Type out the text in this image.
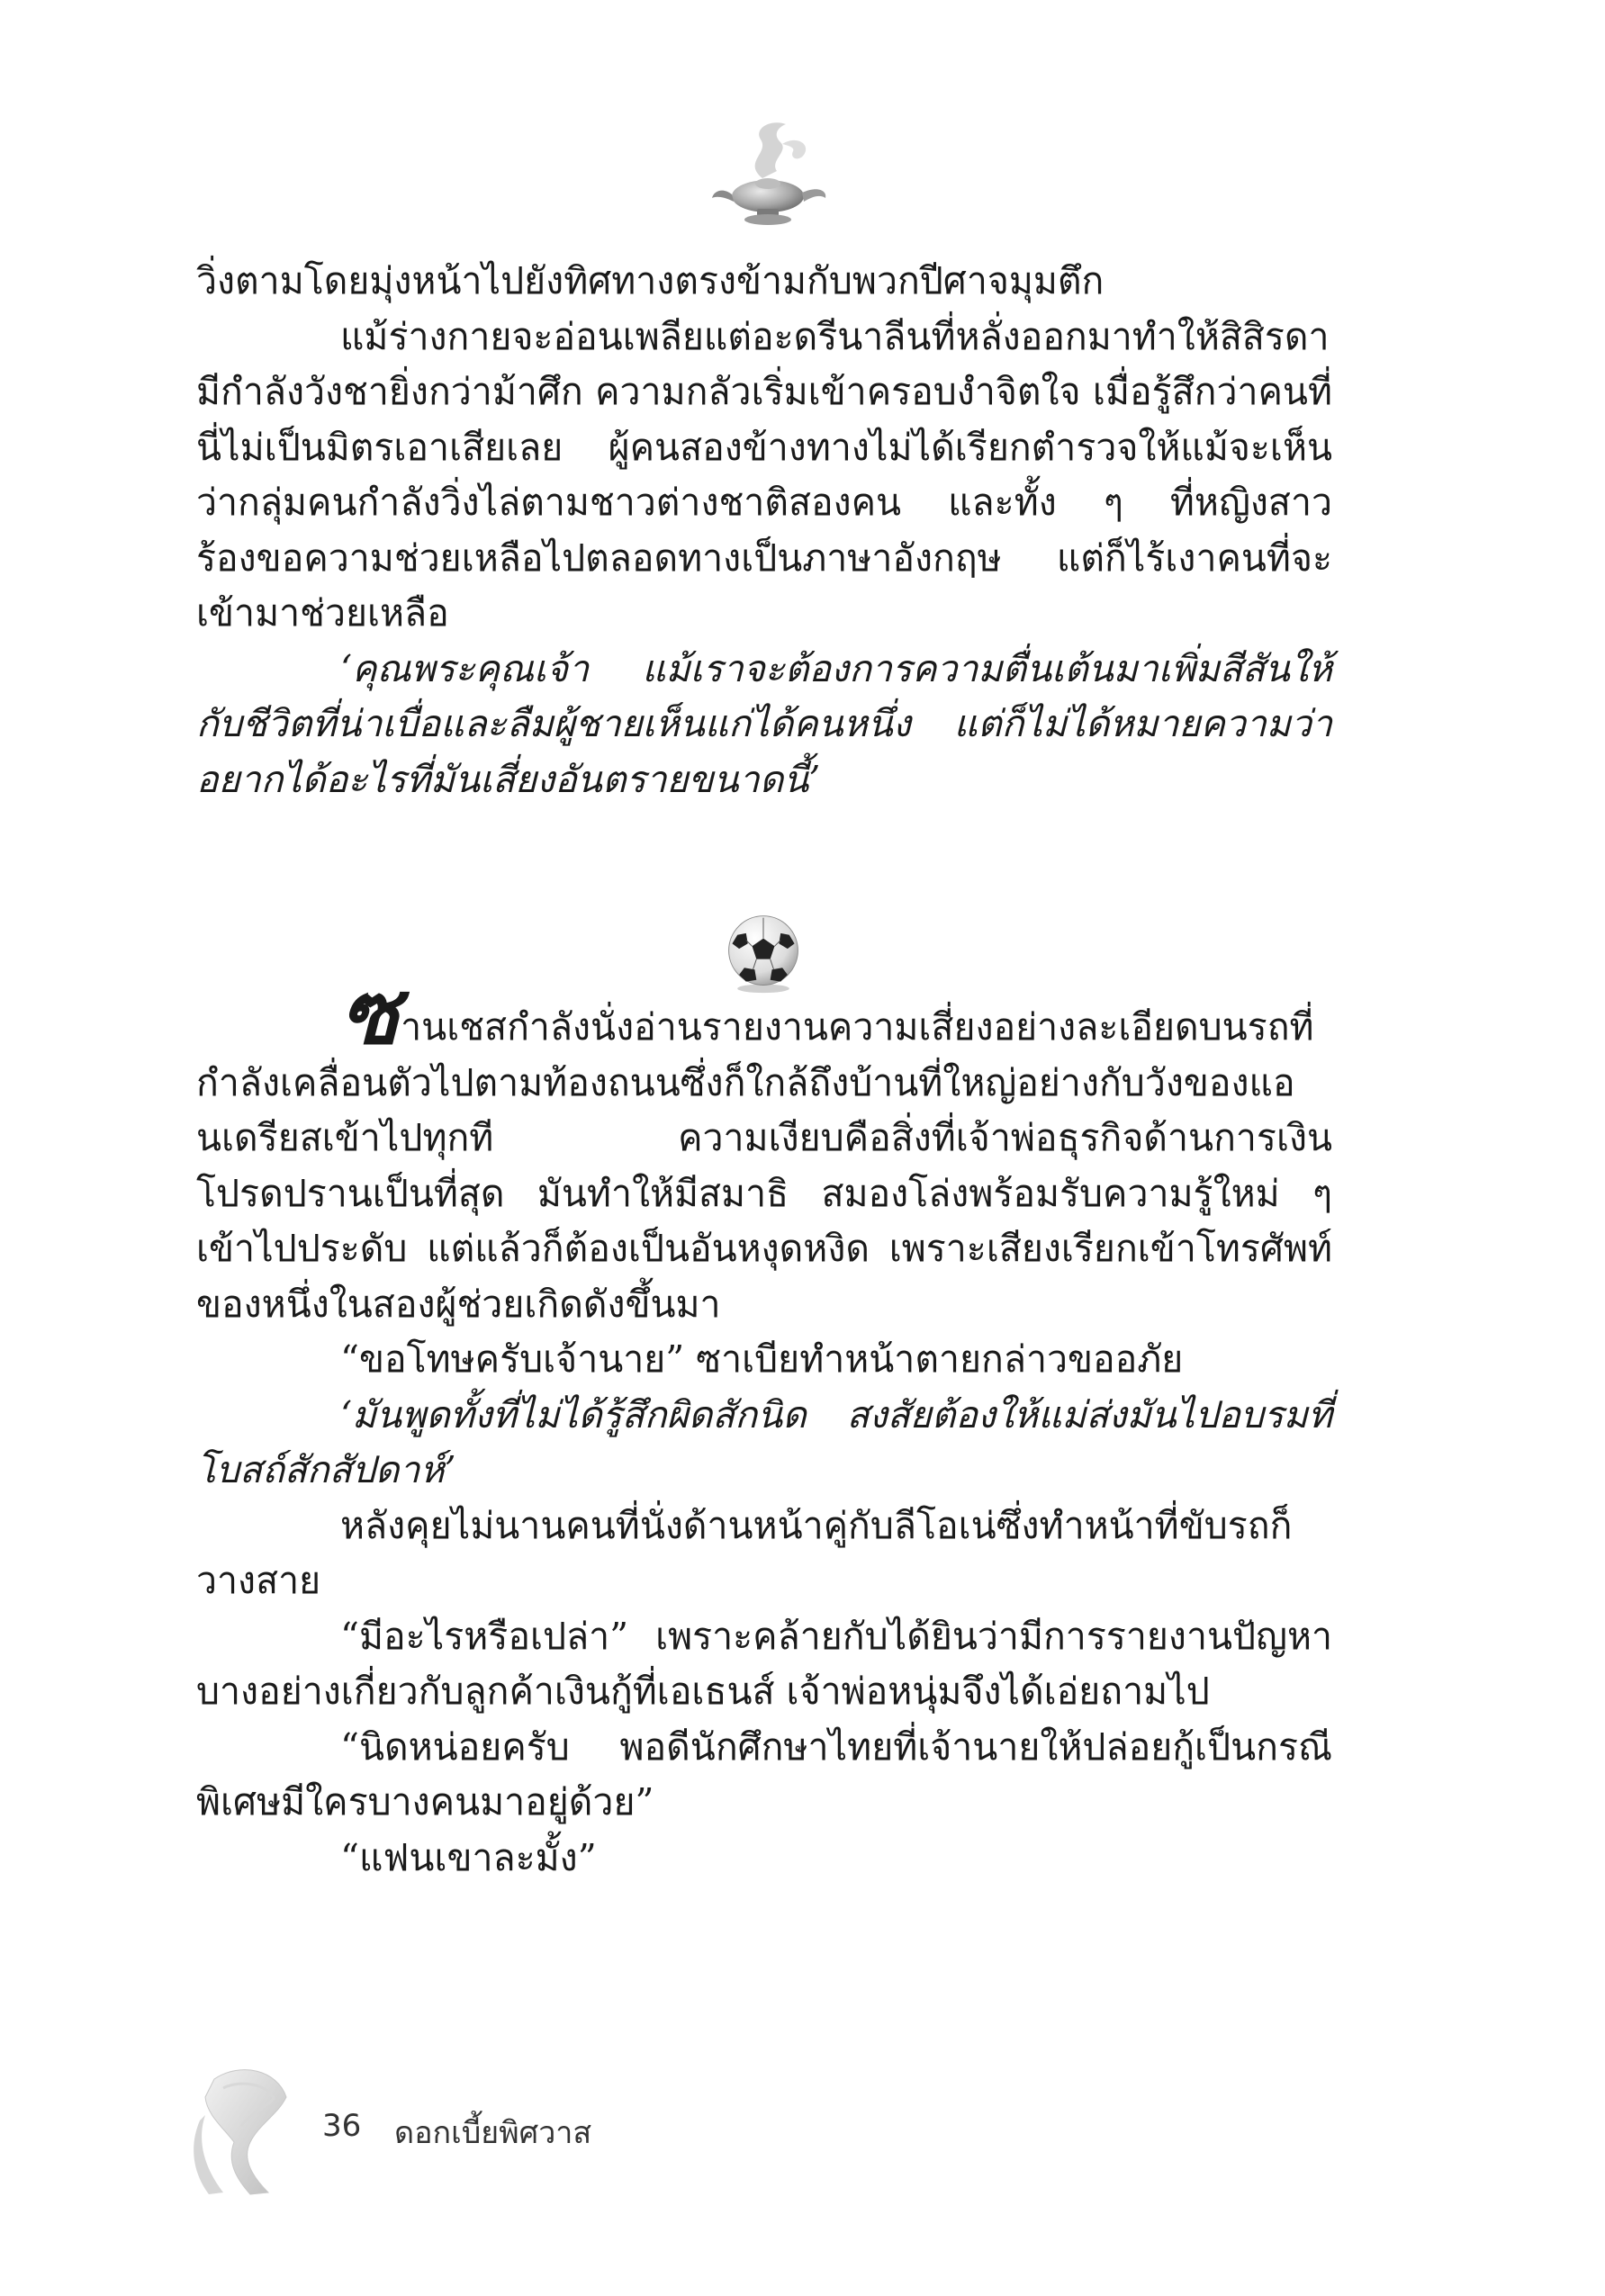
วิ่งตามโดยมุ่งหน้าไปยังทิศทางตรงข้ามกับพวกปีศาจมุมตึก

แม้ร่างกายจะอ่อนเพลียแต่อะดรีนาลีนที่หลั่งออกมาทำให้สิสิรดามีกำลังวังชายิ่งกว่าม้าศึก ความกลัวเริ่มเข้าครอบงำจิตใจ เมื่อรู้สึกว่าคนที่นี่ไม่เป็นมิตรเอาเสียเลย ผู้คนสองข้างทางไม่ได้เรียกตำรวจให้แม้จะเห็นว่ากลุ่มคนกำลังวิ่งไล่ตามชาวต่างชาติสองคน และทั้ง ๆ ที่หญิงสาวร้องขอความช่วยเหลือไปตลอดทางเป็นภาษาอังกฤษ แต่ก็ไร้เงาคนที่จะเข้ามาช่วยเหลือ

‘คุณพระคุณเจ้า แม้เราจะต้องการความตื่นเต้นมาเพิ่มสีสันให้กับชีวิตที่น่าเบื่อและลืมผู้ชายเห็นแก่ได้คนหนึ่ง แต่ก็ไม่ได้หมายความว่าอยากได้อะไรที่มันเสี่ยงอันตรายขนาดนี้’

ซานเชสกำลังนั่งอ่านรายงานความเสี่ยงอย่างละเอียดบนรถที่กำลังเคลื่อนตัวไปตามท้องถนนซึ่งก็ใกล้ถึงบ้านที่ใหญ่อย่างกับวังของแอนเดรียสเข้าไปทุกที ความเงียบคือสิ่งที่เจ้าพ่อธุรกิจด้านการเงินโปรดปรานเป็นที่สุด มันทำให้มีสมาธิ สมองโล่งพร้อมรับความรู้ใหม่ ๆ เข้าไปประดับ แต่แล้วก็ต้องเป็นอันหงุดหงิด เพราะเสียงเรียกเข้าโทรศัพท์ของหนึ่งในสองผู้ช่วยเกิดดังขึ้นมา

“ขอโทษครับเจ้านาย” ซาเบียทำหน้าตายกล่าวขออภัย

‘มันพูดทั้งที่ไม่ได้รู้สึกผิดสักนิด สงสัยต้องให้แม่ส่งมันไปอบรมที่โบสถ์สักสัปดาห์’

หลังคุยไม่นานคนที่นั่งด้านหน้าคู่กับลีโอเน่ซึ่งทำหน้าที่ขับรถก็วางสาย

“มีอะไรหรือเปล่า” เพราะคล้ายกับได้ยินว่ามีการรายงานปัญหาบางอย่างเกี่ยวกับลูกค้าเงินกู้ที่เอเธนส์ เจ้าพ่อหนุ่มจึงได้เอ่ยถามไป

“นิดหน่อยครับ พอดีนักศึกษาไทยที่เจ้านายให้ปล่อยกู้เป็นกรณีพิเศษมีใครบางคนมาอยู่ด้วย”

“แฟนเขาละมั้ง”

36 ดอกเบี้ยพิศวาส
